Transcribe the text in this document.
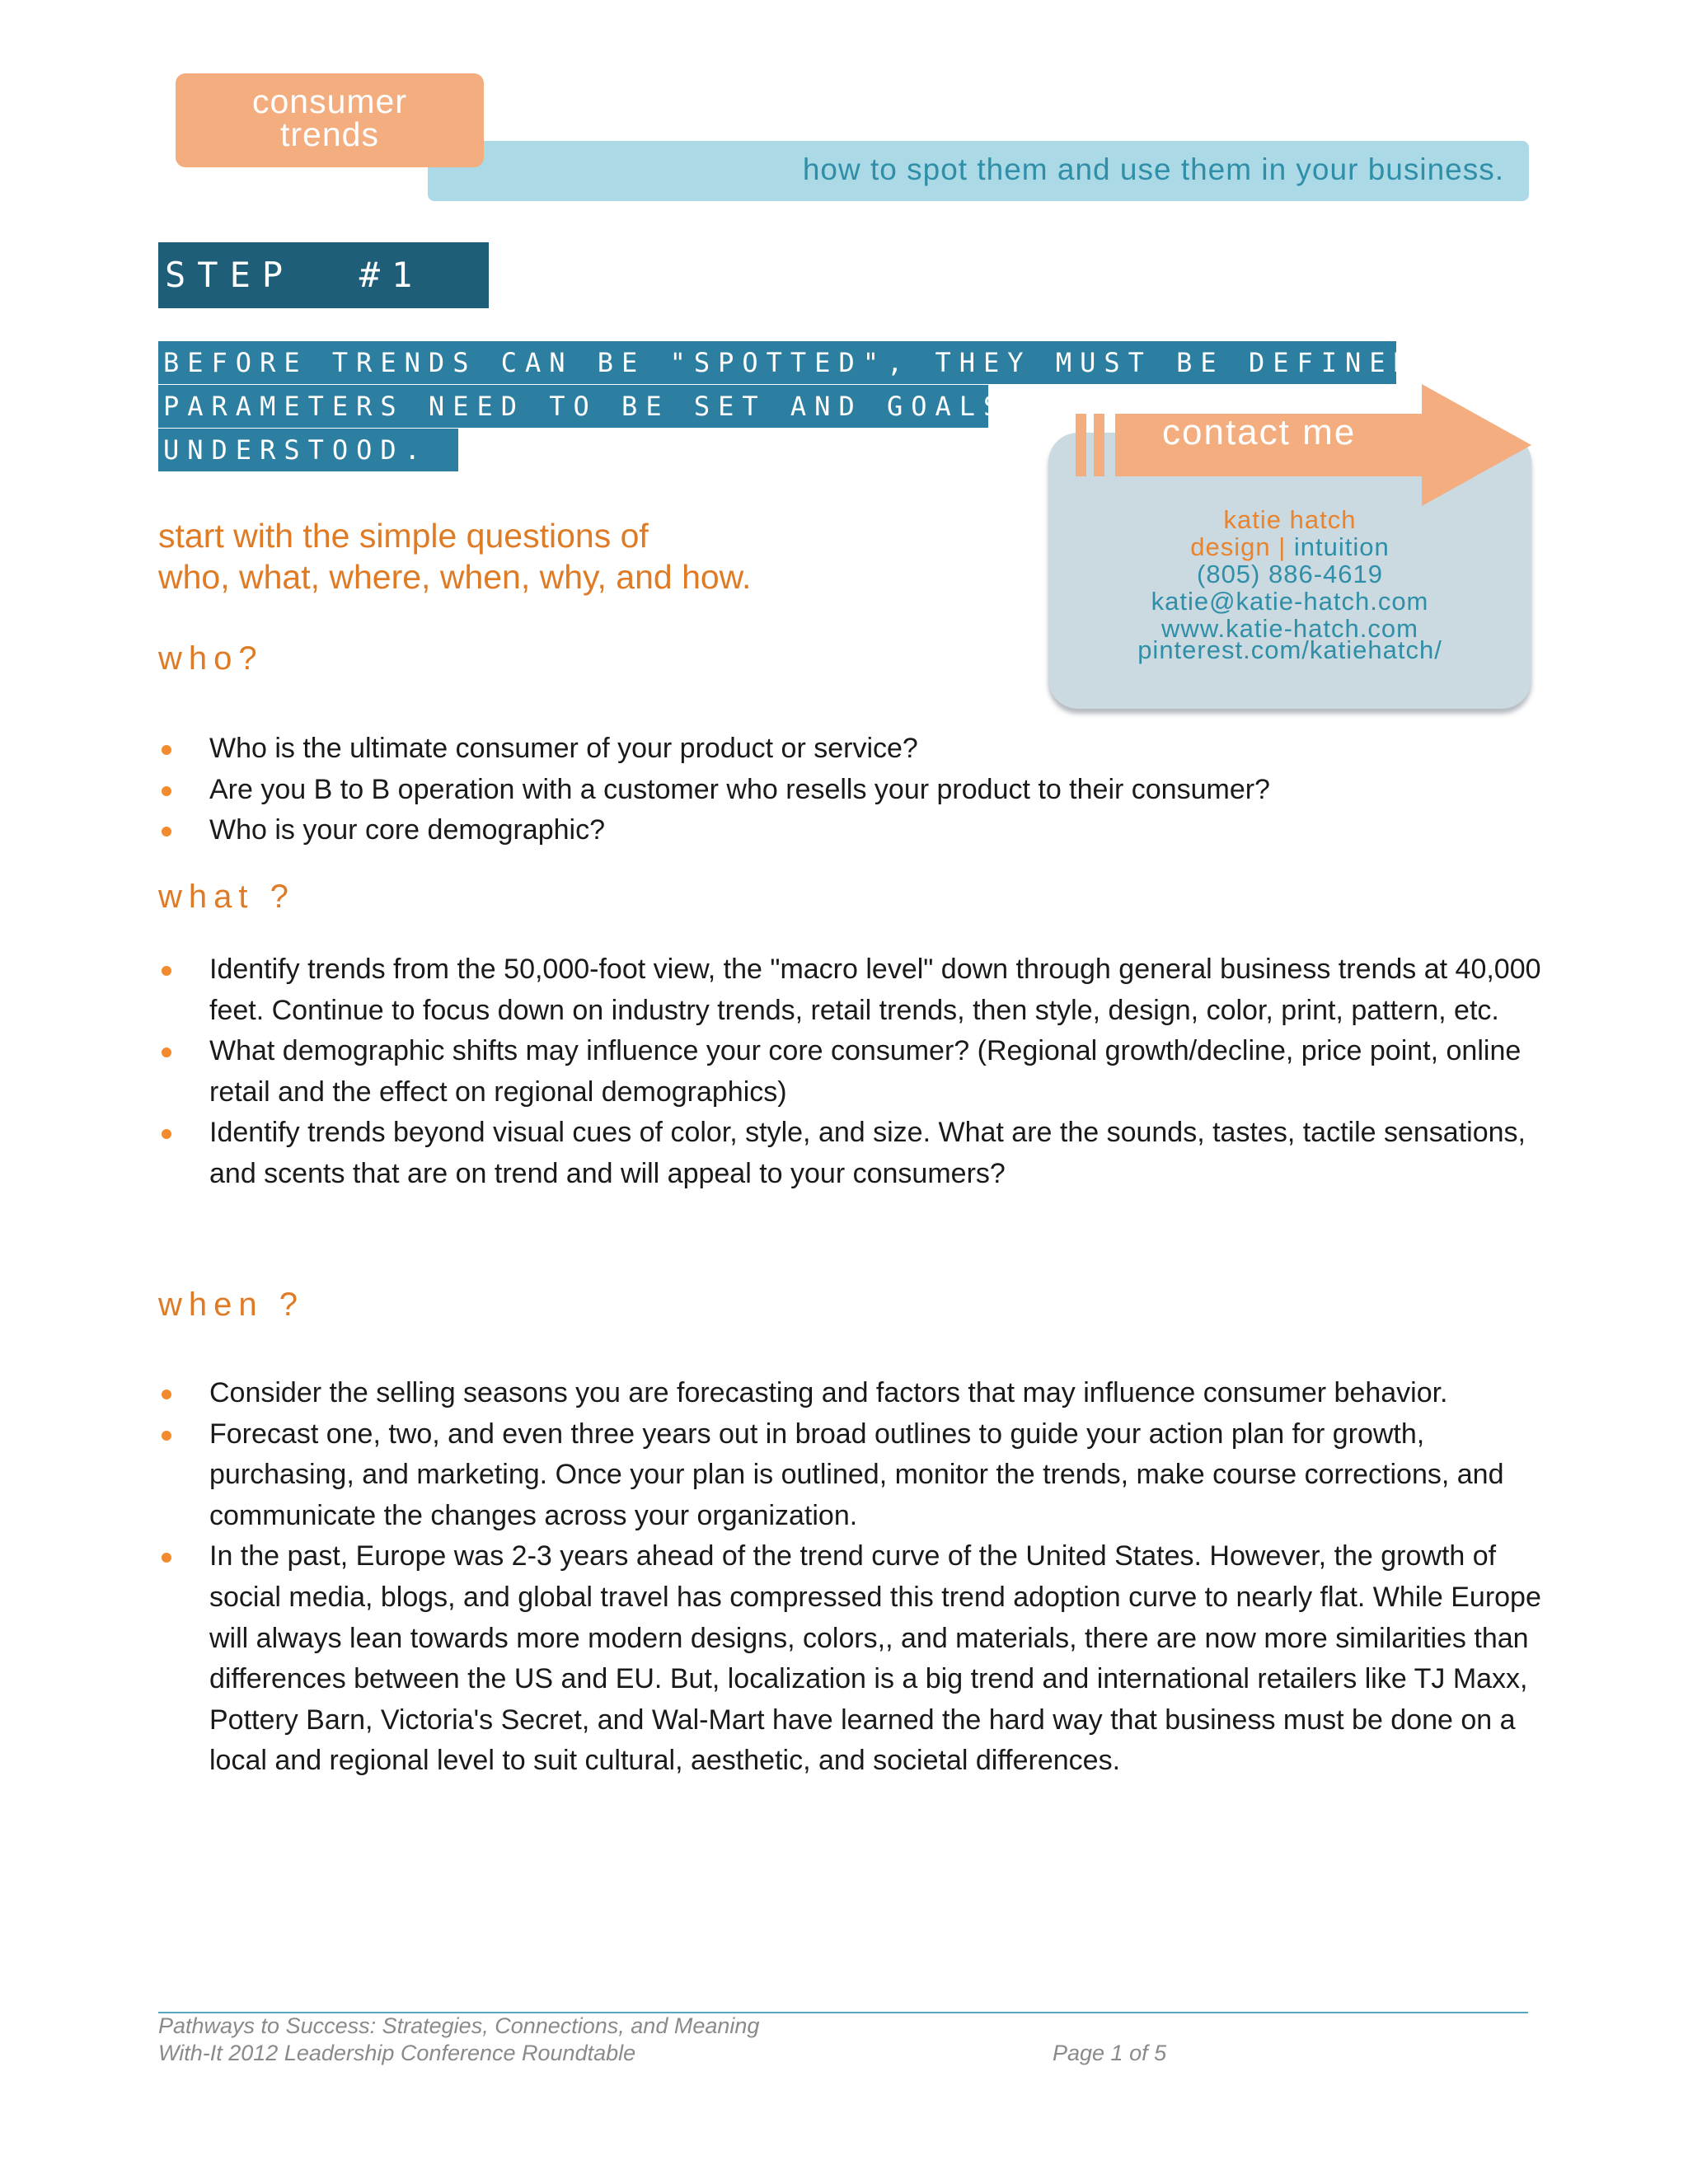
consumer
trends
how to spot them and use them in your business.
STEP  #1
BEFORE TRENDS CAN BE "SPOTTED", THEY MUST BE DEFINED.
PARAMETERS NEED TO BE SET AND GOALS
UNDERSTOOD.	contact me
katie hatch
design | intuition
(805) 886-4619
katie@katie-hatch.com
www.katie-hatch.com
pinterest.com/katiehatch/
start with the simple questions of
who, what, where, when, why, and how.
who?
Who is the ultimate consumer of your product or service?
Are you B to B operation with a customer who resells your product to their consumer?
Who is your core demographic?
what ?
Identify trends from the 50,000-foot view, the "macro level" down through general business trends at 40,000 feet. Continue to focus down on industry trends, retail trends, then style, design, color, print, pattern, etc.
What demographic shifts may influence your core consumer? (Regional growth/decline, price point, online retail and the effect on regional demographics)
Identify trends beyond visual cues of color, style, and size. What are the sounds, tastes, tactile sensations, and scents that are on trend and will appeal to your consumers?
when ?
Consider the selling seasons you are forecasting and factors that may influence consumer behavior.
Forecast one, two, and even three years out in broad outlines to guide your action plan for growth, purchasing, and marketing. Once your plan is outlined, monitor the trends, make course corrections, and communicate the changes across your organization.
In the past, Europe was 2-3 years ahead of the trend curve of the United States. However, the growth of social media, blogs, and global travel has compressed this trend adoption curve to nearly flat. While Europe will always lean towards more modern designs, colors,, and materials, there are now more similarities than differences between the US and EU. But, localization is a big trend and international retailers like TJ Maxx, Pottery Barn, Victoria's Secret, and Wal-Mart have learned the hard way that business must be done on a local and regional level to suit cultural, aesthetic, and societal differences.
Pathways to Success: Strategies, Connections, and Meaning
With-It 2012 Leadership Conference Roundtable	Page 1 of 5
